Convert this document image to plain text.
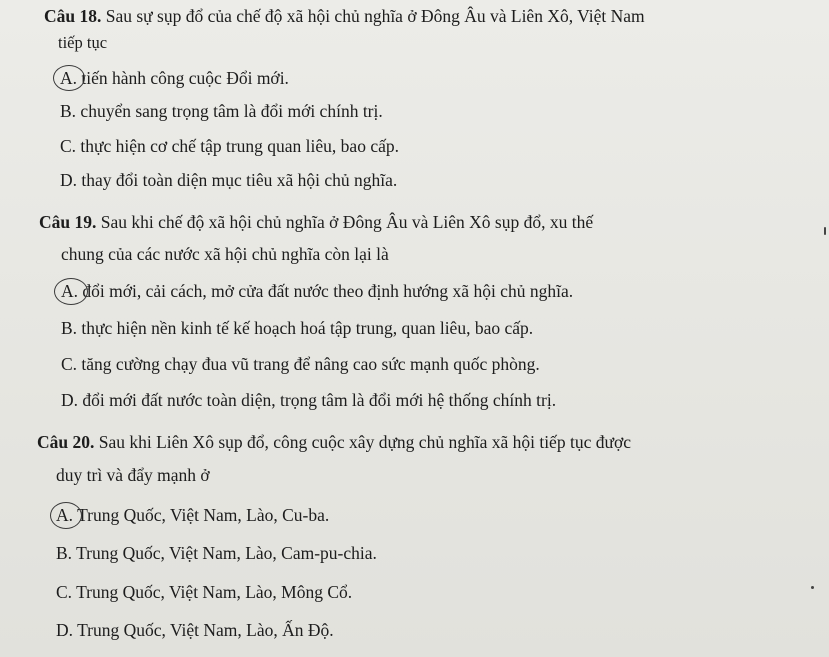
Câu 18. Sau sự sụp đổ của chế độ xã hội chủ nghĩa ở Đông Âu và Liên Xô, Việt Nam
tiếp tục
A. tiến hành công cuộc Đổi mới.
B. chuyển sang trọng tâm là đổi mới chính trị.
C. thực hiện cơ chế tập trung quan liêu, bao cấp.
D. thay đổi toàn diện mục tiêu xã hội chủ nghĩa.
Câu 19. Sau khi chế độ xã hội chủ nghĩa ở Đông Âu và Liên Xô sụp đổ, xu thế
chung của các nước xã hội chủ nghĩa còn lại là
A. đổi mới, cải cách, mở cửa đất nước theo định hướng xã hội chủ nghĩa.
B. thực hiện nền kinh tế kế hoạch hoá tập trung, quan liêu, bao cấp.
C. tăng cường chạy đua vũ trang để nâng cao sức mạnh quốc phòng.
D. đổi mới đất nước toàn diện, trọng tâm là đổi mới hệ thống chính trị.
Câu 20. Sau khi Liên Xô sụp đổ, công cuộc xây dựng chủ nghĩa xã hội tiếp tục được
duy trì và đẩy mạnh ở
A. Trung Quốc, Việt Nam, Lào, Cu-ba.
B. Trung Quốc, Việt Nam, Lào, Cam-pu-chia.
C. Trung Quốc, Việt Nam, Lào, Mông Cổ.
D. Trung Quốc, Việt Nam, Lào, Ấn Độ.
